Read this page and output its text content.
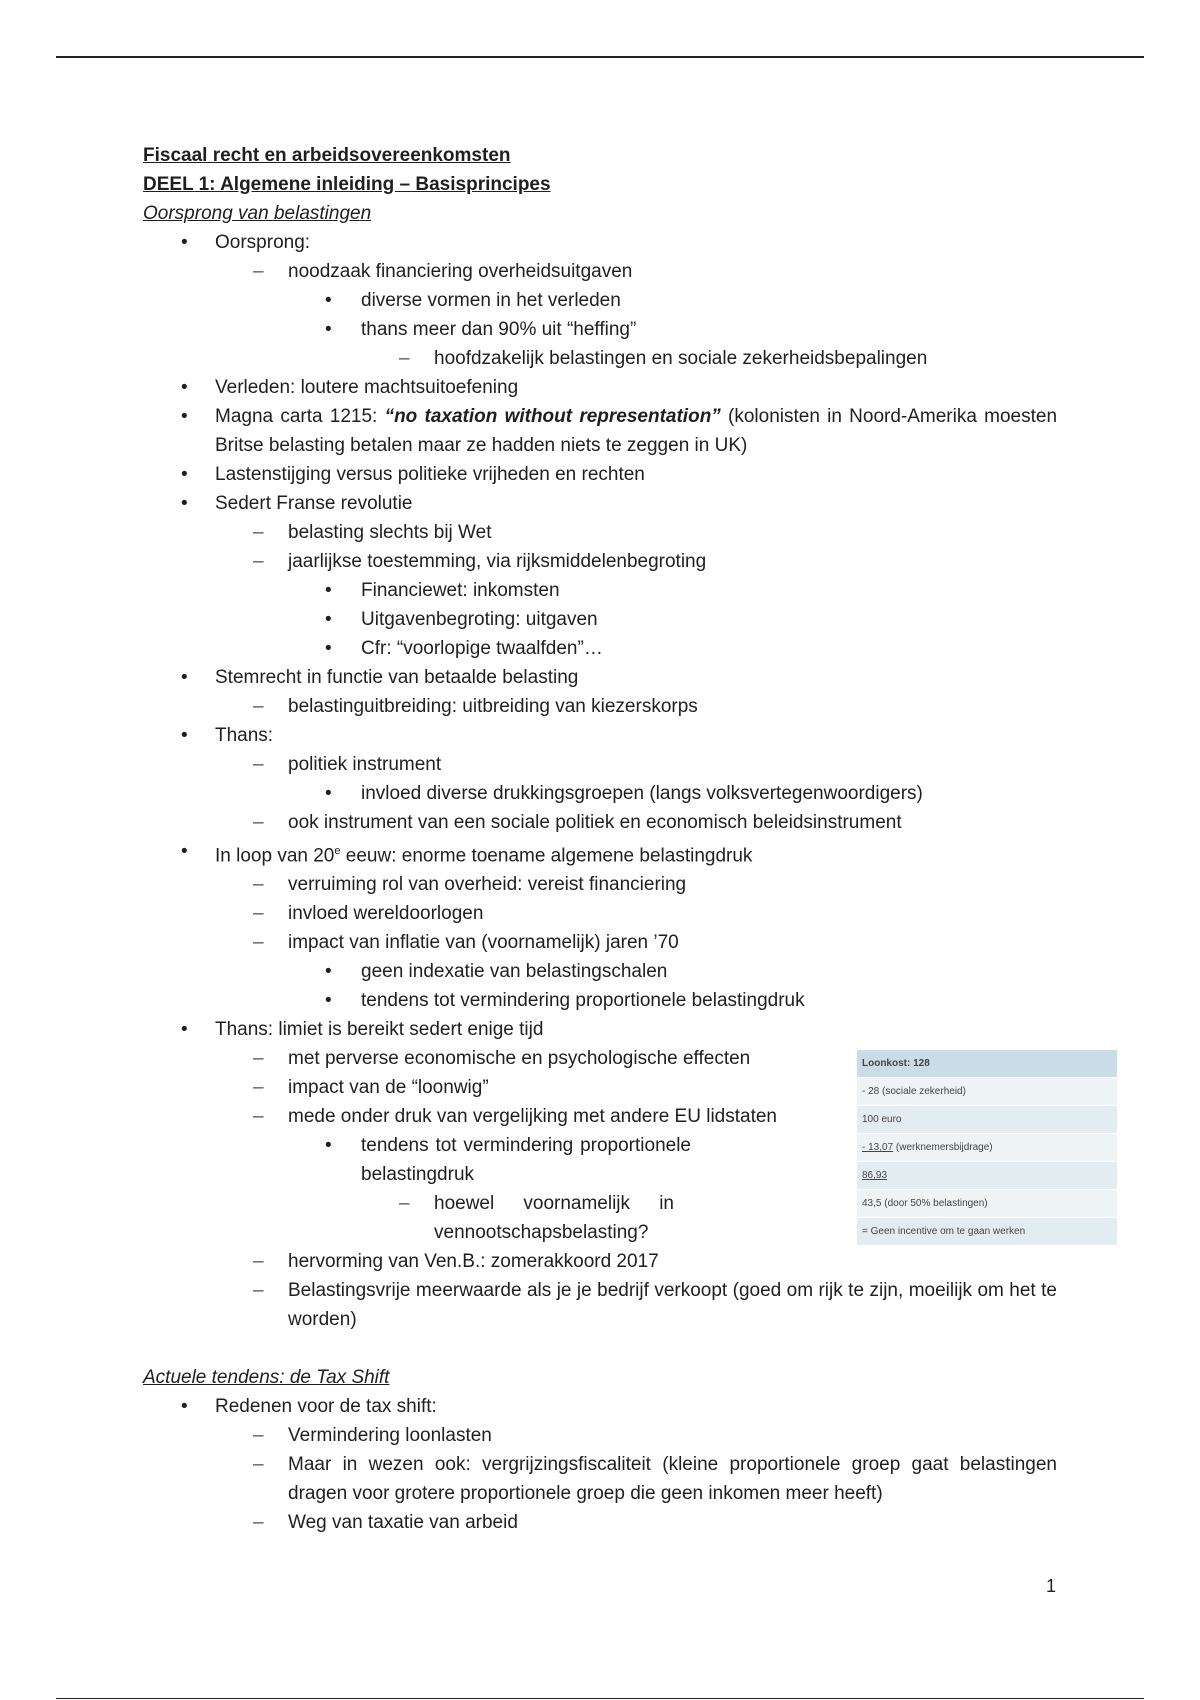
Fiscaal recht en arbeidsovereenkomsten
DEEL 1: Algemene inleiding – Basisprincipes
Oorsprong van belastingen
• Oorsprong:
– noodzaak financiering overheidsuitgaven
• diverse vormen in het verleden
• thans meer dan 90% uit “heffing”
– hoofdzakelijk belastingen en sociale zekerheidsbepalingen
• Verleden: loutere machtsuitoefening
• Magna carta 1215: “no taxation without representation” (kolonisten in Noord-Amerika moesten Britse belasting betalen maar ze hadden niets te zeggen in UK)
• Lastenstijging versus politieke vrijheden en rechten
• Sedert Franse revolutie
– belasting slechts bij Wet
– jaarlijkse toestemming, via rijksmiddelenbegroting
• Financiewet: inkomsten
• Uitgavenbegroting: uitgaven
• Cfr: “voorlopige twaalfden”…
• Stemrecht in functie van betaalde belasting
– belastinguitbreiding: uitbreiding van kiezerskorps
• Thans:
– politiek instrument
• invloed diverse drukkingsgroepen (langs volksvertegenwoordigers)
– ook instrument van een sociale politiek en economisch beleidsinstrument
• In loop van 20e eeuw: enorme toename algemene belastingdruk
– verruiming rol van overheid: vereist financiering
– invloed wereldoorlogen
– impact van inflatie van (voornamelijk) jaren ’70
• geen indexatie van belastingschalen
• tendens tot vermindering proportionele belastingdruk
• Thans: limiet is bereikt sedert enige tijd
– met perverse economische en psychologische effecten
– impact van de “loonwig”
– mede onder druk van vergelijking met andere EU lidstaten
• tendens tot vermindering proportionele belastingdruk
– hoewel voornamelijk in vennootschapsbelasting?
– hervorming van Ven.B.: zomerakkoord 2017
– Belastingsvrije meerwaarde als je je bedrijf verkoopt (goed om rijk te zijn, moeilijk om het te worden)
Actuele tendens: de Tax Shift
• Redenen voor de tax shift:
– Vermindering loonlasten
– Maar in wezen ook: vergrijzingsfiscaliteit (kleine proportionele groep gaat belastingen dragen voor grotere proportionele groep die geen inkomen meer heeft)
– Weg van taxatie van arbeid
Loonkost: 128
- 28 (sociale zekerheid)
100 euro
- 13,07 (werknemersbijdrage)
86,93
43,5 (door 50% belastingen)
= Geen incentive om te gaan werken
1
